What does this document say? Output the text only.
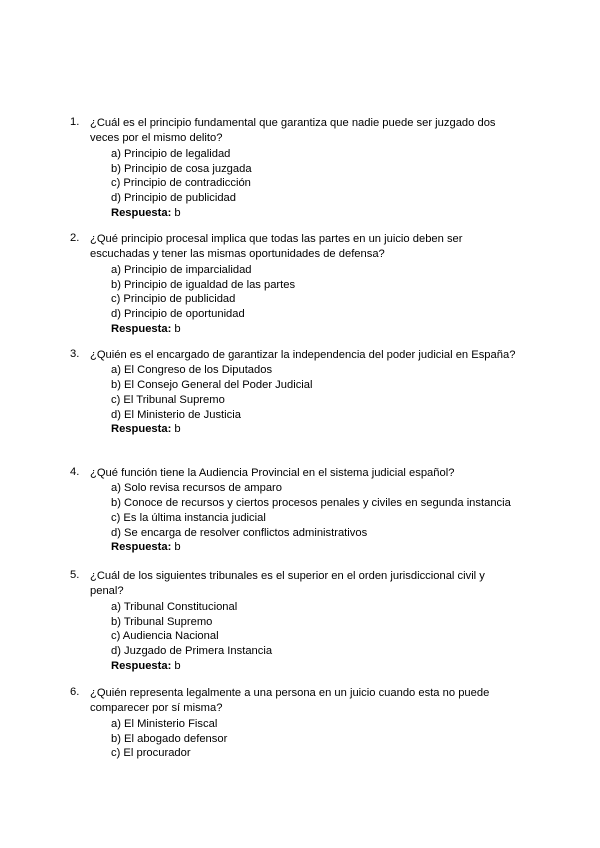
1. ¿Cuál es el principio fundamental que garantiza que nadie puede ser juzgado dos veces por el mismo delito?
a) Principio de legalidad
b) Principio de cosa juzgada
c) Principio de contradicción
d) Principio de publicidad
Respuesta: b
2. ¿Qué principio procesal implica que todas las partes en un juicio deben ser escuchadas y tener las mismas oportunidades de defensa?
a) Principio de imparcialidad
b) Principio de igualdad de las partes
c) Principio de publicidad
d) Principio de oportunidad
Respuesta: b
3. ¿Quién es el encargado de garantizar la independencia del poder judicial en España?
a) El Congreso de los Diputados
b) El Consejo General del Poder Judicial
c) El Tribunal Supremo
d) El Ministerio de Justicia
Respuesta: b
4. ¿Qué función tiene la Audiencia Provincial en el sistema judicial español?
a) Solo revisa recursos de amparo
b) Conoce de recursos y ciertos procesos penales y civiles en segunda instancia
c) Es la última instancia judicial
d) Se encarga de resolver conflictos administrativos
Respuesta: b
5. ¿Cuál de los siguientes tribunales es el superior en el orden jurisdiccional civil y penal?
a) Tribunal Constitucional
b) Tribunal Supremo
c) Audiencia Nacional
d) Juzgado de Primera Instancia
Respuesta: b
6. ¿Quién representa legalmente a una persona en un juicio cuando esta no puede comparecer por sí misma?
a) El Ministerio Fiscal
b) El abogado defensor
c) El procurador
